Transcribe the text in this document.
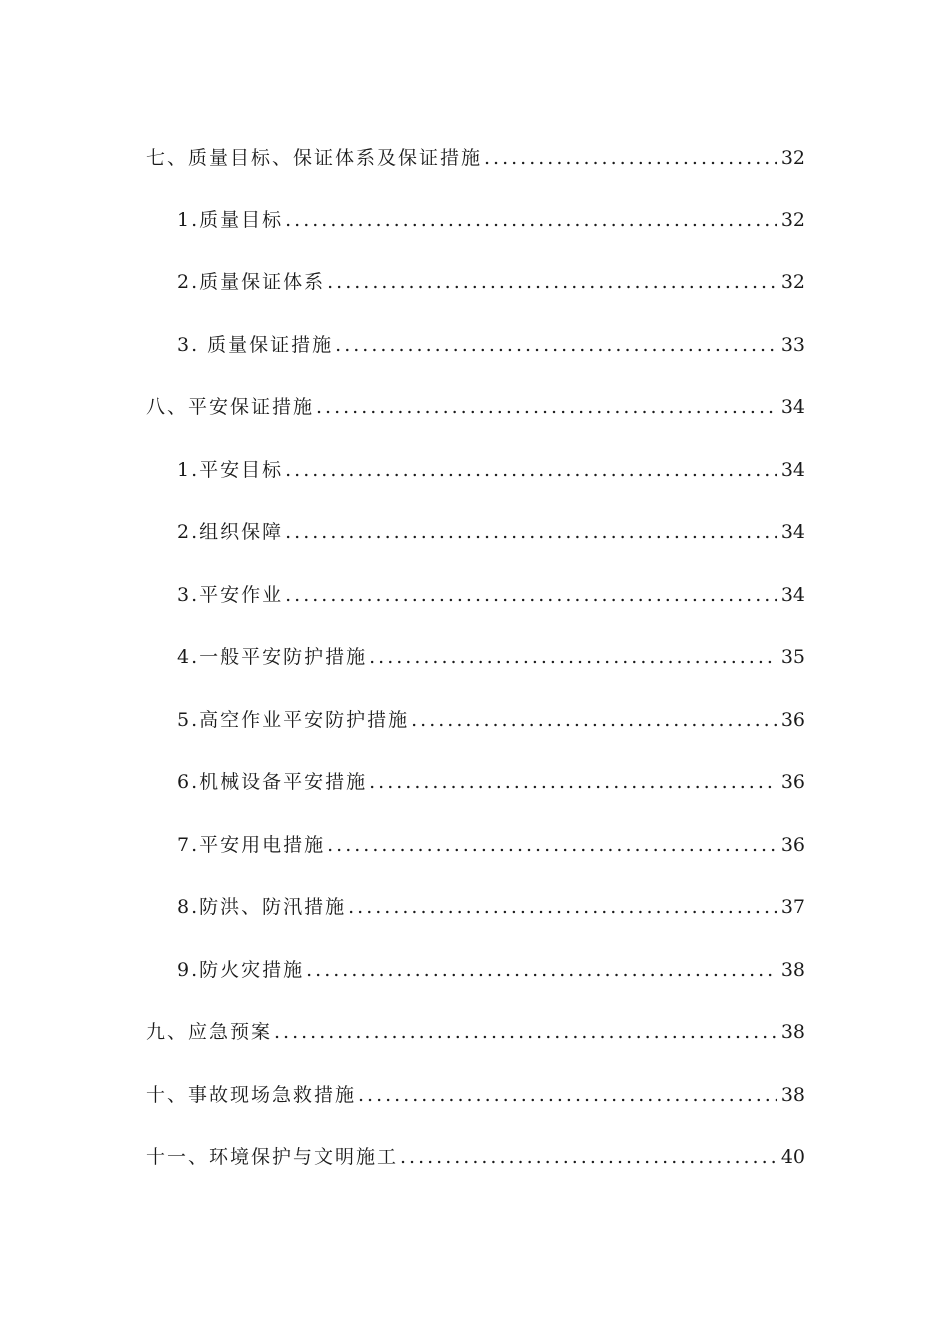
七、质量目标、保证体系及保证措施 .....	32
1.质量目标 .....	32
2.质量保证体系 .....	32
3. 质量保证措施 .....	33
八、平安保证措施 .....	34
1.平安目标 .....	34
2.组织保障 .....	34
3.平安作业 .....	34
4.一般平安防护措施 .....	35
5.高空作业平安防护措施 .....	36
6.机械设备平安措施 .....	36
7.平安用电措施 .....	36
8.防洪、防汛措施 .....	37
9.防火灾措施 .....	38
九、应急预案 .....	38
十、事故现场急救措施 .....	38
十一、环境保护与文明施工 .....	40
